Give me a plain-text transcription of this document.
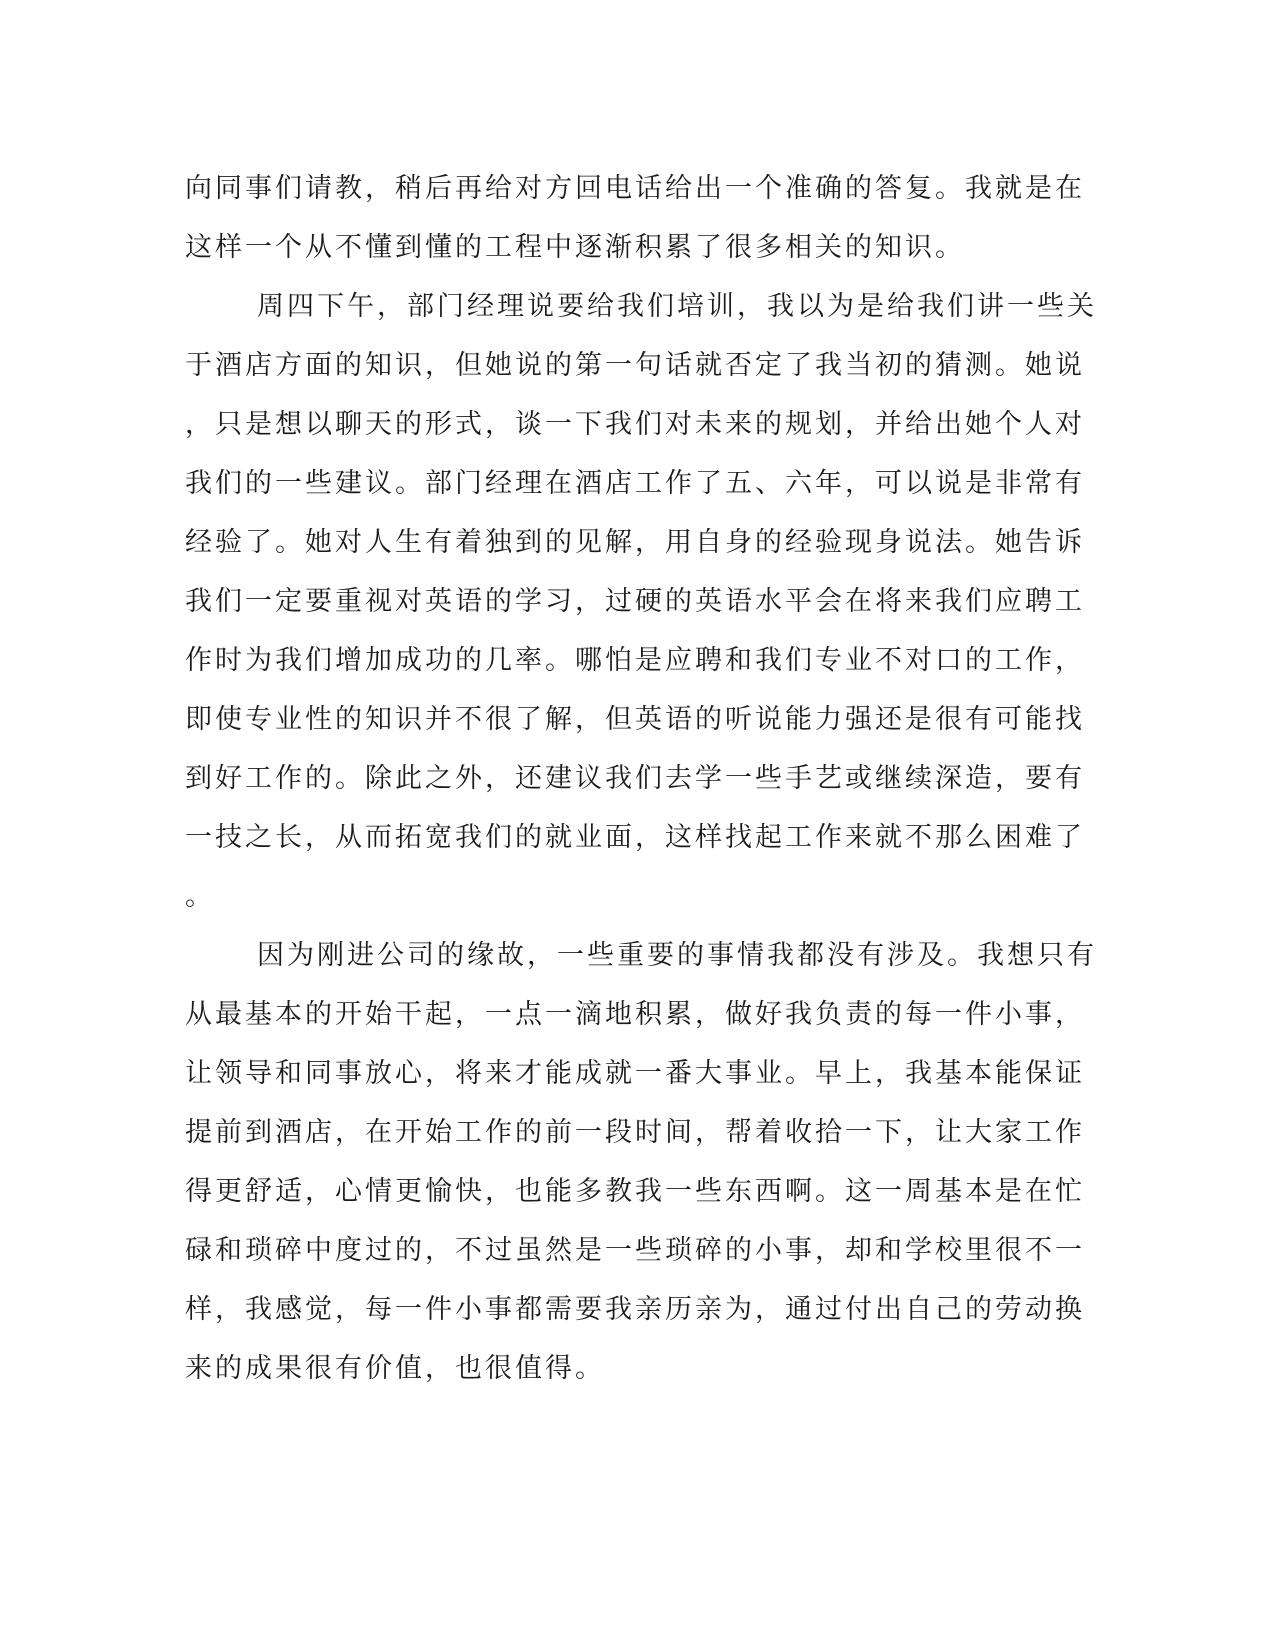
向同事们请教，稍后再给对方回电话给出一个准确的答复。我就是在
这样一个从不懂到懂的工程中逐渐积累了很多相关的知识。
周四下午，部门经理说要给我们培训，我以为是给我们讲一些关
于酒店方面的知识，但她说的第一句话就否定了我当初的猜测。她说
，只是想以聊天的形式，谈一下我们对未来的规划，并给出她个人对
我们的一些建议。部门经理在酒店工作了五、六年，可以说是非常有
经验了。她对人生有着独到的见解，用自身的经验现身说法。她告诉
我们一定要重视对英语的学习，过硬的英语水平会在将来我们应聘工
作时为我们增加成功的几率。哪怕是应聘和我们专业不对口的工作，
即使专业性的知识并不很了解，但英语的听说能力强还是很有可能找
到好工作的。除此之外，还建议我们去学一些手艺或继续深造，要有
一技之长，从而拓宽我们的就业面，这样找起工作来就不那么困难了
。
因为刚进公司的缘故，一些重要的事情我都没有涉及。我想只有
从最基本的开始干起，一点一滴地积累，做好我负责的每一件小事，
让领导和同事放心，将来才能成就一番大事业。早上，我基本能保证
提前到酒店，在开始工作的前一段时间，帮着收拾一下，让大家工作
得更舒适，心情更愉快，也能多教我一些东西啊。这一周基本是在忙
碌和琐碎中度过的，不过虽然是一些琐碎的小事，却和学校里很不一
样，我感觉，每一件小事都需要我亲历亲为，通过付出自己的劳动换
来的成果很有价值，也很值得。
